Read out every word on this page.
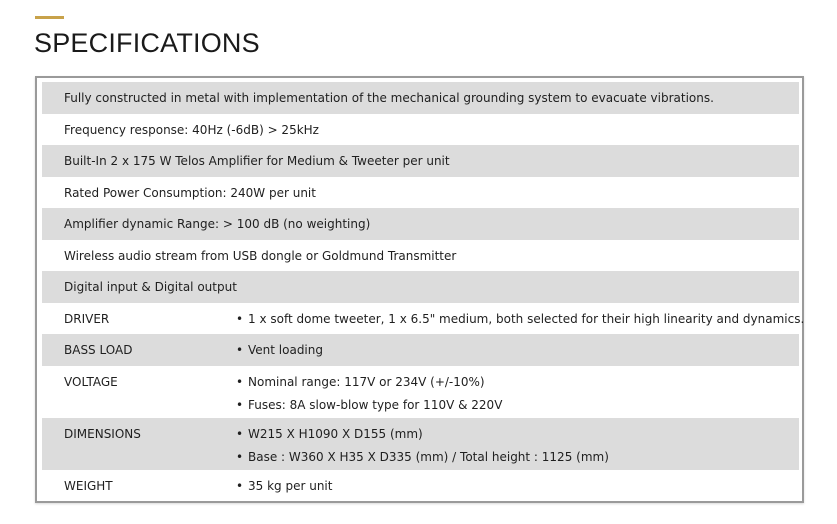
SPECIFICATIONS
Fully constructed in metal with implementation of the mechanical grounding system to evacuate vibrations.
Frequency response: 40Hz (-6dB) > 25kHz
Built-In 2 x 175 W Telos Amplifier for Medium & Tweeter per unit
Rated Power Consumption: 240W per unit
Amplifier dynamic Range: > 100 dB (no weighting)
Wireless audio stream from USB dongle or Goldmund Transmitter
Digital input & Digital output
DRIVER	• 1 x soft dome tweeter, 1 x 6.5" medium, both selected for their high linearity and dynamics.
BASS LOAD	• Vent loading
VOLTAGE	• Nominal range: 117V or 234V (+/-10%)
• Fuses: 8A slow-blow type for 110V & 220V
DIMENSIONS	• W215 X H1090 X D155 (mm)
• Base : W360 X H35 X D335 (mm) / Total height : 1125 (mm)
WEIGHT	• 35 kg per unit
